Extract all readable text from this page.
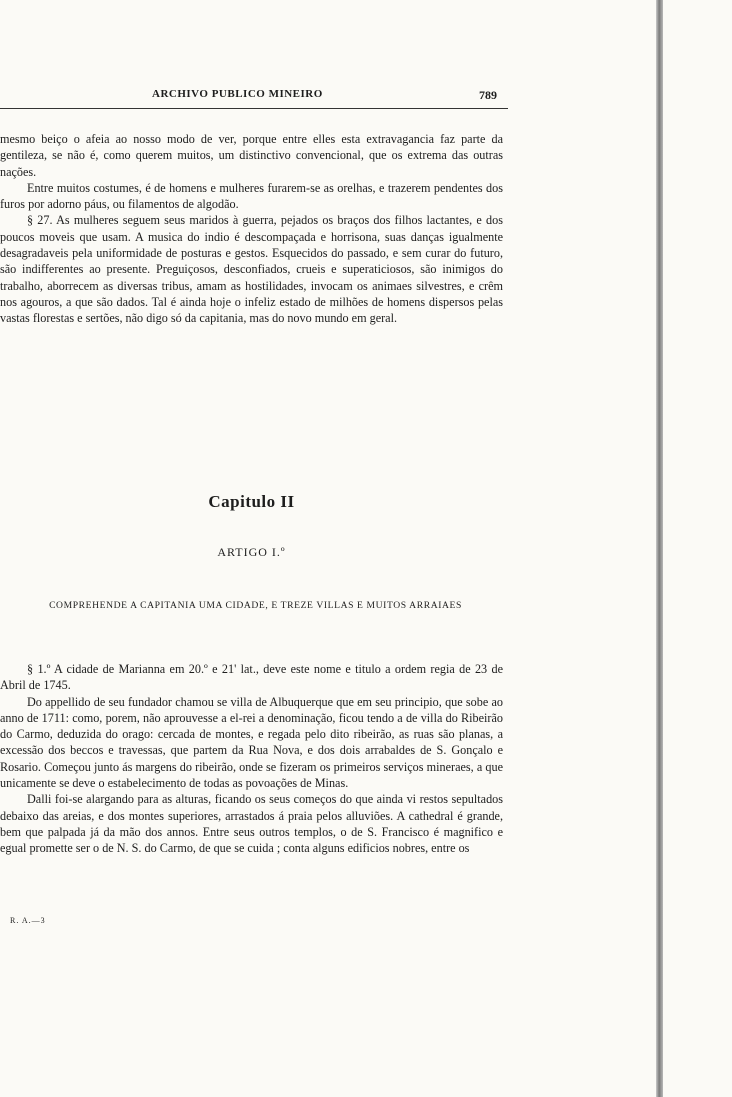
ARCHIVO PUBLICO MINEIRO	789

mesmo beiço o afeia ao nosso modo de ver, porque entre elles esta extravagancia faz parte da gentileza, se não é, como querem muitos, um distinctivo convencional, que os extrema das outras nações.

Entre muitos costumes, é de homens e mulheres furarem-se as orelhas, e trazerem pendentes dos furos por adorno páus, ou filamentos de algodão.

§ 27. As mulheres seguem seus maridos à guerra, pejados os braços dos filhos lactantes, e dos poucos moveis que usam. A musica do indio é descompaçada e horrisona, suas danças igualmente desagradaveis pela uniformidade de posturas e gestos. Esquecidos do passado, e sem curar do futuro, são indifferentes ao presente. Preguiçosos, desconfiados, crueis e superaticiosos, são inimigos do trabalho, aborrecem as diversas tribus, amam as hostilidades, invocam os animaes silvestres, e crêm nos agouros, a que são dados. Tal é ainda hoje o infeliz estado de milhões de homens dispersos pelas vastas florestas e sertões, não digo só da capitania, mas do novo mundo em geral.

Capitulo II
ARTIGO I.º
COMPREHENDE A CAPITANIA UMA CIDADE, E TREZE VILLAS E MUITOS ARRAIAES

§ 1.º A cidade de Marianna em 20.º e 21' lat., deve este nome e titulo a ordem regia de 23 de Abril de 1745.

Do appellido de seu fundador chamou se villa de Albuquerque que em seu principio, que sobe ao anno de 1711: como, porem, não aprouvesse a el-rei a denominação, ficou tendo a de villa do Ribeirão do Carmo, deduzida do orago: cercada de montes, e regada pelo dito ribeirão, as ruas são planas, a excessão dos beccos e travessas, que partem da Rua Nova, e dos dois arrabaldes de S. Gonçalo e Rosario. Começou junto ás margens do ribeirão, onde se fizeram os primeiros serviços mineraes, a que unicamente se deve o estabelecimento de todas as povoações de Minas.

Dalli foi-se alargando para as alturas, ficando os seus começos do que ainda vi restos sepultados debaixo das areias, e dos montes superiores, arrastados á praia pelos alluviões. A cathedral é grande, bem que palpada já da mão dos annos. Entre seus outros templos, o de S. Francisco é magnifico e egual promette ser o de N. S. do Carmo, de que se cuida ; conta alguns edificios nobres, entre os

R. A.—3
